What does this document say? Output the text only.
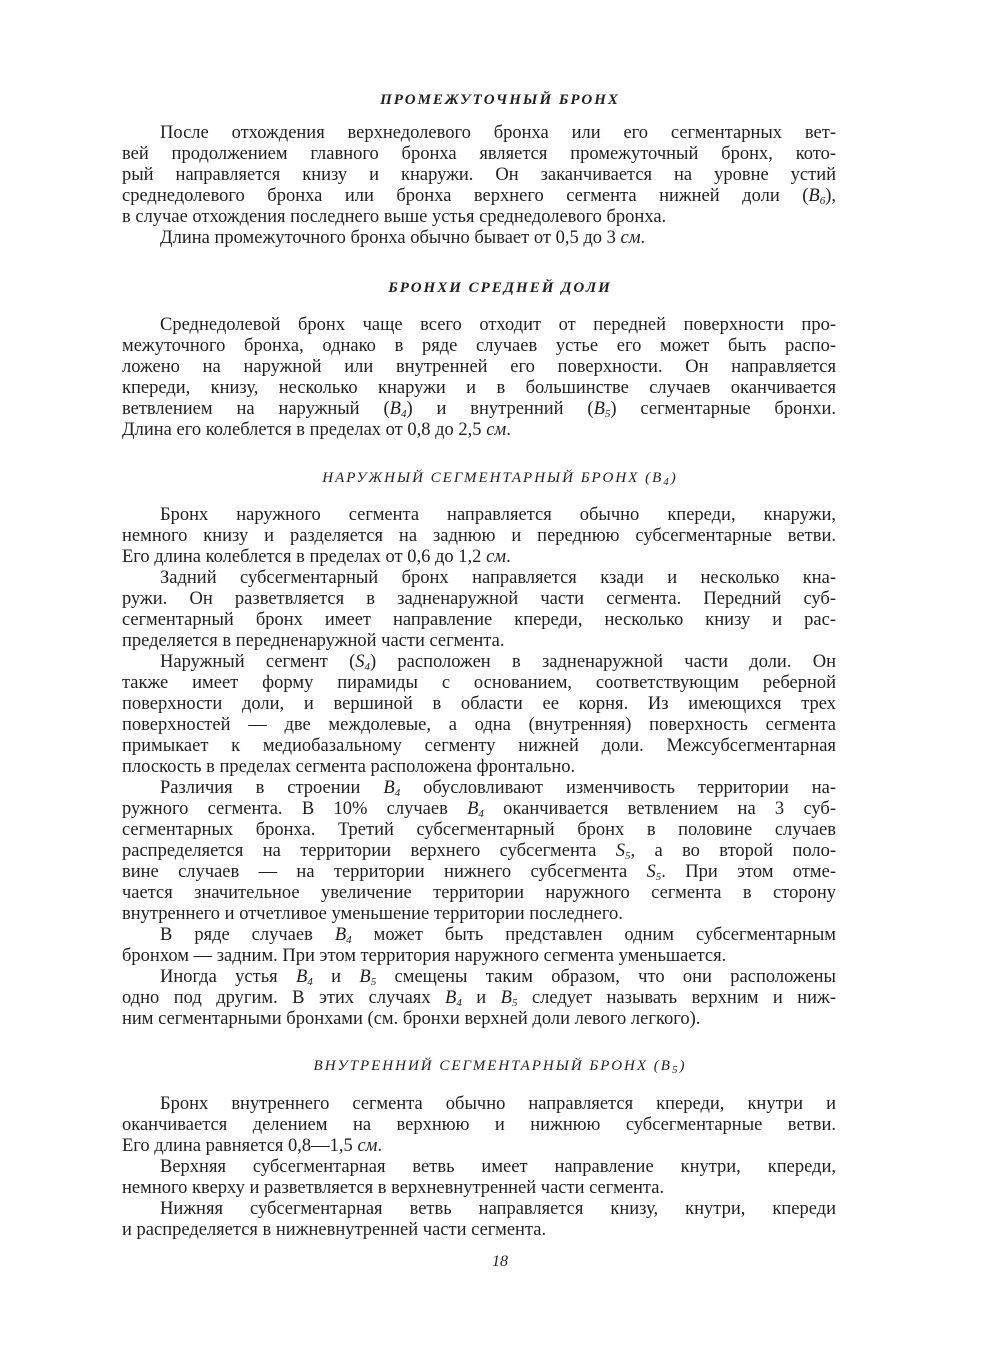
ПРОМЕЖУТОЧНЫЙ БРОНХ
После отхождения верхнедолевого бронха или его сегментарных вет-
вей продолжением главного бронха является промежуточный бронх, кото-
рый направляется книзу и кнаружи. Он заканчивается на уровне устий
среднедолевого бронха или бронха верхнего сегмента нижней доли $(B_6)$,
в случае отхождения последнего выше устья среднедолевого бронха.
Длина промежуточного бронха обычно бывает от 0,5 до 3 см.
БРОНХИ СРЕДНЕЙ ДОЛИ
Среднедолевой бронх чаще всего отходит от передней поверхности про-
межуточного бронха, однако в ряде случаев устье его может быть распо-
ложено на наружной или внутренней его поверхности. Он направляется
кпереди, книзу, несколько кнаружи и в большинстве случаев оканчивается
ветвлением на наружный $(B_4)$ и внутренний $(B_5)$ сегментарные бронхи.
Длина его колеблется в пределах от 0,8 до 2,5 см.
НАРУЖНЫЙ СЕГМЕНТАРНЫЙ БРОНХ $(B_4)$
Бронх наружного сегмента направляется обычно кпереди, кнаружи,
немного книзу и разделяется на заднюю и переднюю субсегментарные ветви.
Его длина колеблется в пределах от 0,6 до 1,2 см.
Задний субсегментарный бронх направляется кзади и несколько кна-
ружи. Он разветвляется в задненаружной части сегмента. Передний суб-
сегментарный бронх имеет направление кпереди, несколько книзу и рас-
пределяется в передненаружной части сегмента.
Наружный сегмент $(S_4)$ расположен в задненаружной части доли. Он
также имеет форму пирамиды с основанием, соответствующим реберной
поверхности доли, и вершиной в области ее корня. Из имеющихся трех
поверхностей — две междолевые, а одна (внутренняя) поверхность сегмента
примыкает к медиобазальному сегменту нижней доли. Межсубсегментарная
плоскость в пределах сегмента расположена фронтально.
Различия в строении $B_4$ обусловливают изменчивость территории на-
ружного сегмента. В 10% случаев $B_4$ оканчивается ветвлением на 3 суб-
сегментарных бронха. Третий субсегментарный бронх в половине случаев
распределяется на территории верхнего субсегмента $S_5$, а во второй поло-
вине случаев — на территории нижнего субсегмента $S_5$. При этом отме-
чается значительное увеличение территории наружного сегмента в сторону
внутреннего и отчетливое уменьшение территории последнего.
В ряде случаев $B_4$ может быть представлен одним субсегментарным
бронхом — задним. При этом территория наружного сегмента уменьшается.
Иногда устья $B_4$ и $B_5$ смещены таким образом, что они расположены
одно под другим. В этих случаях $B_4$ и $B_5$ следует называть верхним и ниж-
ним сегментарными бронхами (см. бронхи верхней доли левого легкого).
ВНУТРЕННИЙ СЕГМЕНТАРНЫЙ БРОНХ $(B_5)$
Бронх внутреннего сегмента обычно направляется кпереди, кнутри и
оканчивается делением на верхнюю и нижнюю субсегментарные ветви.
Его длина равняется 0,8—1,5 см.
Верхняя субсегментарная ветвь имеет направление кнутри, кпереди,
немного кверху и разветвляется в верхневнутренней части сегмента.
Нижняя субсегментарная ветвь направляется книзу, кнутри, кпереди
и распределяется в нижневнутренней части сегмента.
18
